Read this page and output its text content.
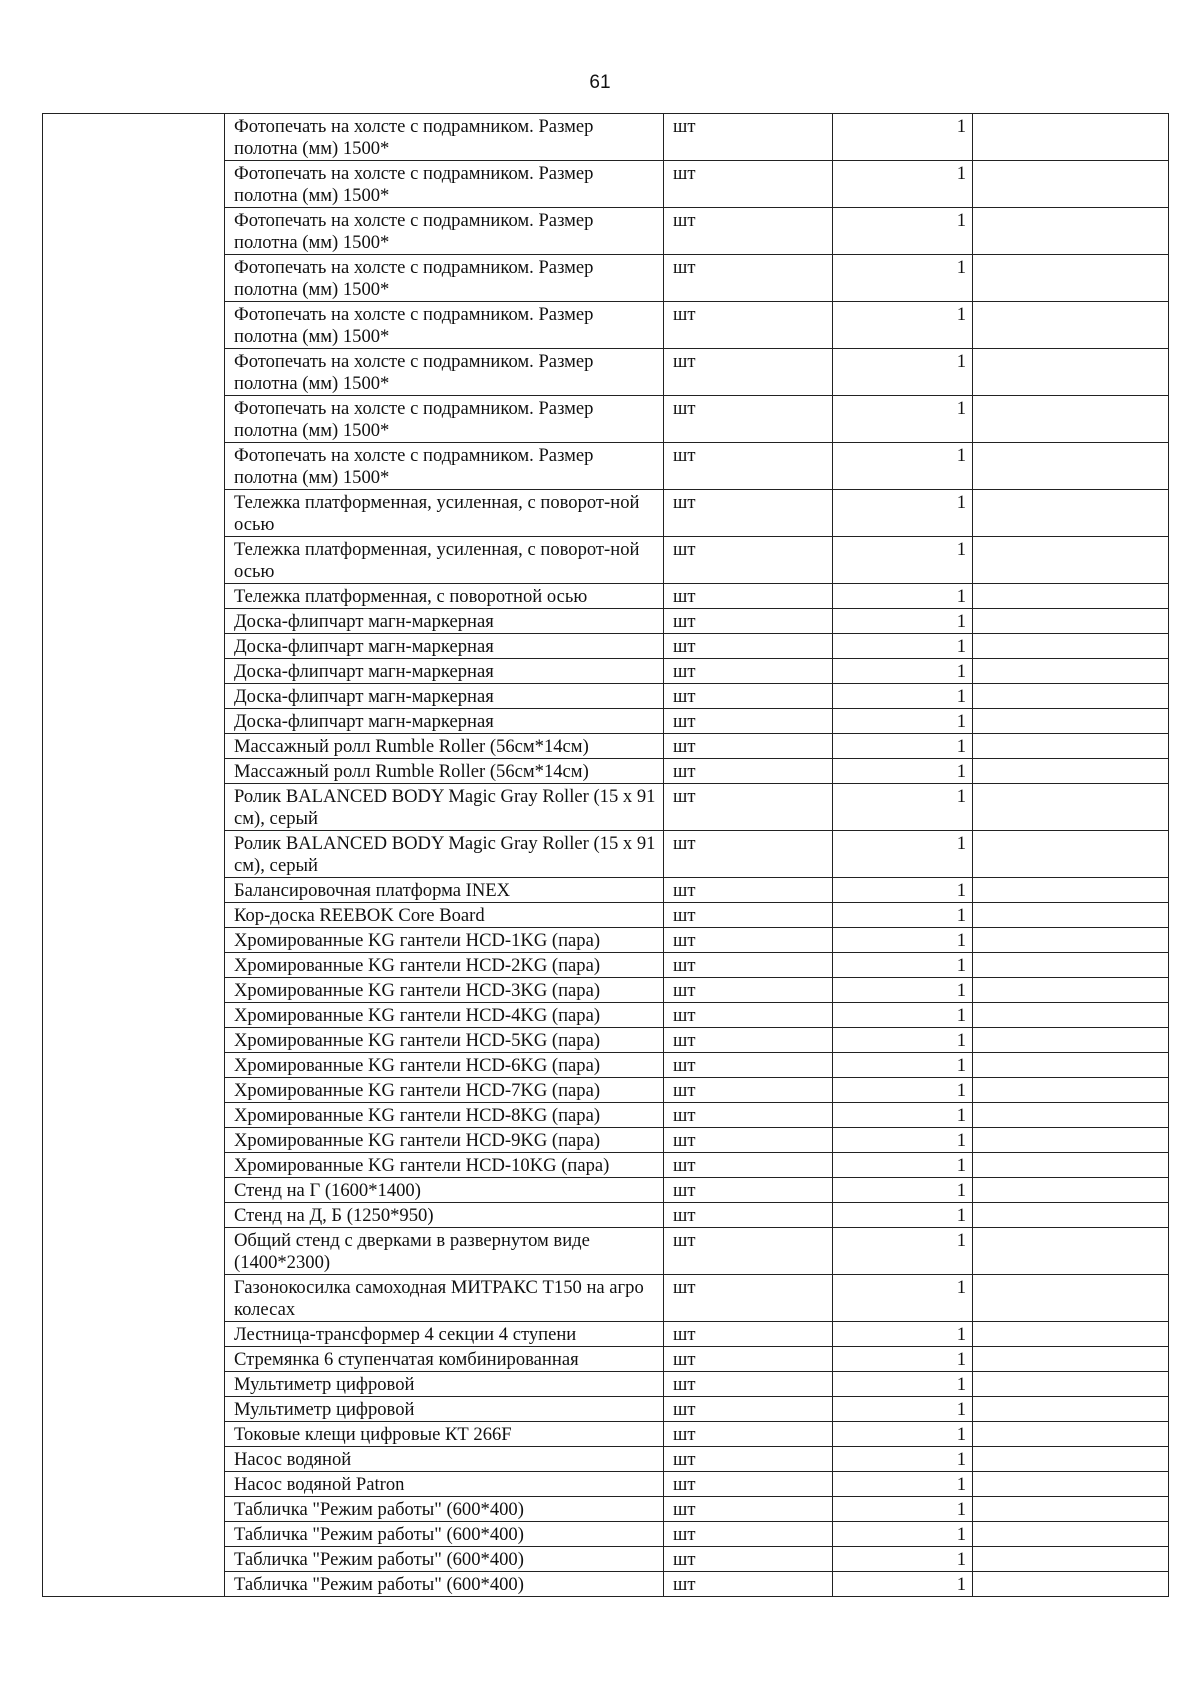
61
	Фотопечать на холсте с подрамником. Размер полотна (мм) 1500*	шт	1	
	Фотопечать на холсте с подрамником. Размер полотна (мм) 1500*	шт	1	
	Фотопечать на холсте с подрамником. Размер полотна (мм) 1500*	шт	1	
	Фотопечать на холсте с подрамником. Размер полотна (мм) 1500*	шт	1	
	Фотопечать на холсте с подрамником. Размер полотна (мм) 1500*	шт	1	
	Фотопечать на холсте с подрамником. Размер полотна (мм) 1500*	шт	1	
	Фотопечать на холсте с подрамником. Размер полотна (мм) 1500*	шт	1	
	Фотопечать на холсте с подрамником. Размер полотна (мм) 1500*	шт	1	
	Тележка платформенная, усиленная, с поворот-ной осью	шт	1	
	Тележка платформенная, усиленная, с поворот-ной осью	шт	1	
	Тележка платформенная, с поворотной осью	шт	1	
	Доска-флипчарт магн-маркерная	шт	1	
	Доска-флипчарт магн-маркерная	шт	1	
	Доска-флипчарт магн-маркерная	шт	1	
	Доска-флипчарт магн-маркерная	шт	1	
	Доска-флипчарт магн-маркерная	шт	1	
	Массажный ролл Rumble Roller (56см*14см)	шт	1	
	Массажный ролл Rumble Roller (56см*14см)	шт	1	
	Ролик BALANCED BODY Magic Gray Roller (15 x 91 см), серый	шт	1	
	Ролик BALANCED BODY Magic Gray Roller (15 x 91 см), серый	шт	1	
	Балансировочная платформа INEX	шт	1	
	Кор-доска REEBOK Core Board	шт	1	
	Хромированные KG гантели HCD-1KG (пара)	шт	1	
	Хромированные KG гантели HCD-2KG (пара)	шт	1	
	Хромированные KG гантели HCD-3KG (пара)	шт	1	
	Хромированные KG гантели HCD-4KG (пара)	шт	1	
	Хромированные KG гантели HCD-5KG (пара)	шт	1	
	Хромированные KG гантели HCD-6KG (пара)	шт	1	
	Хромированные KG гантели HCD-7KG (пара)	шт	1	
	Хромированные KG гантели HCD-8KG (пара)	шт	1	
	Хромированные KG гантели HCD-9KG (пара)	шт	1	
	Хромированные KG гантели HCD-10KG (пара)	шт	1	
	Стенд на Г (1600*1400)	шт	1	
	Стенд на Д, Б (1250*950)	шт	1	
	Общий стенд с дверками в развернутом виде (1400*2300)	шт	1	
	Газонокосилка самоходная МИТРАКС Т150 на агро колесах	шт	1	
	Лестница-трансформер 4 секции 4 ступени	шт	1	
	Стремянка 6 ступенчатая комбинированная	шт	1	
	Мультиметр цифровой	шт	1	
	Мультиметр цифровой	шт	1	
	Токовые клещи цифровые КТ 266F	шт	1	
	Насос водяной	шт	1	
	Насос водяной Patron	шт	1	
	Табличка "Режим работы" (600*400)	шт	1	
	Табличка "Режим работы" (600*400)	шт	1	
	Табличка "Режим работы" (600*400)	шт	1	
	Табличка "Режим работы" (600*400)	шт	1	
